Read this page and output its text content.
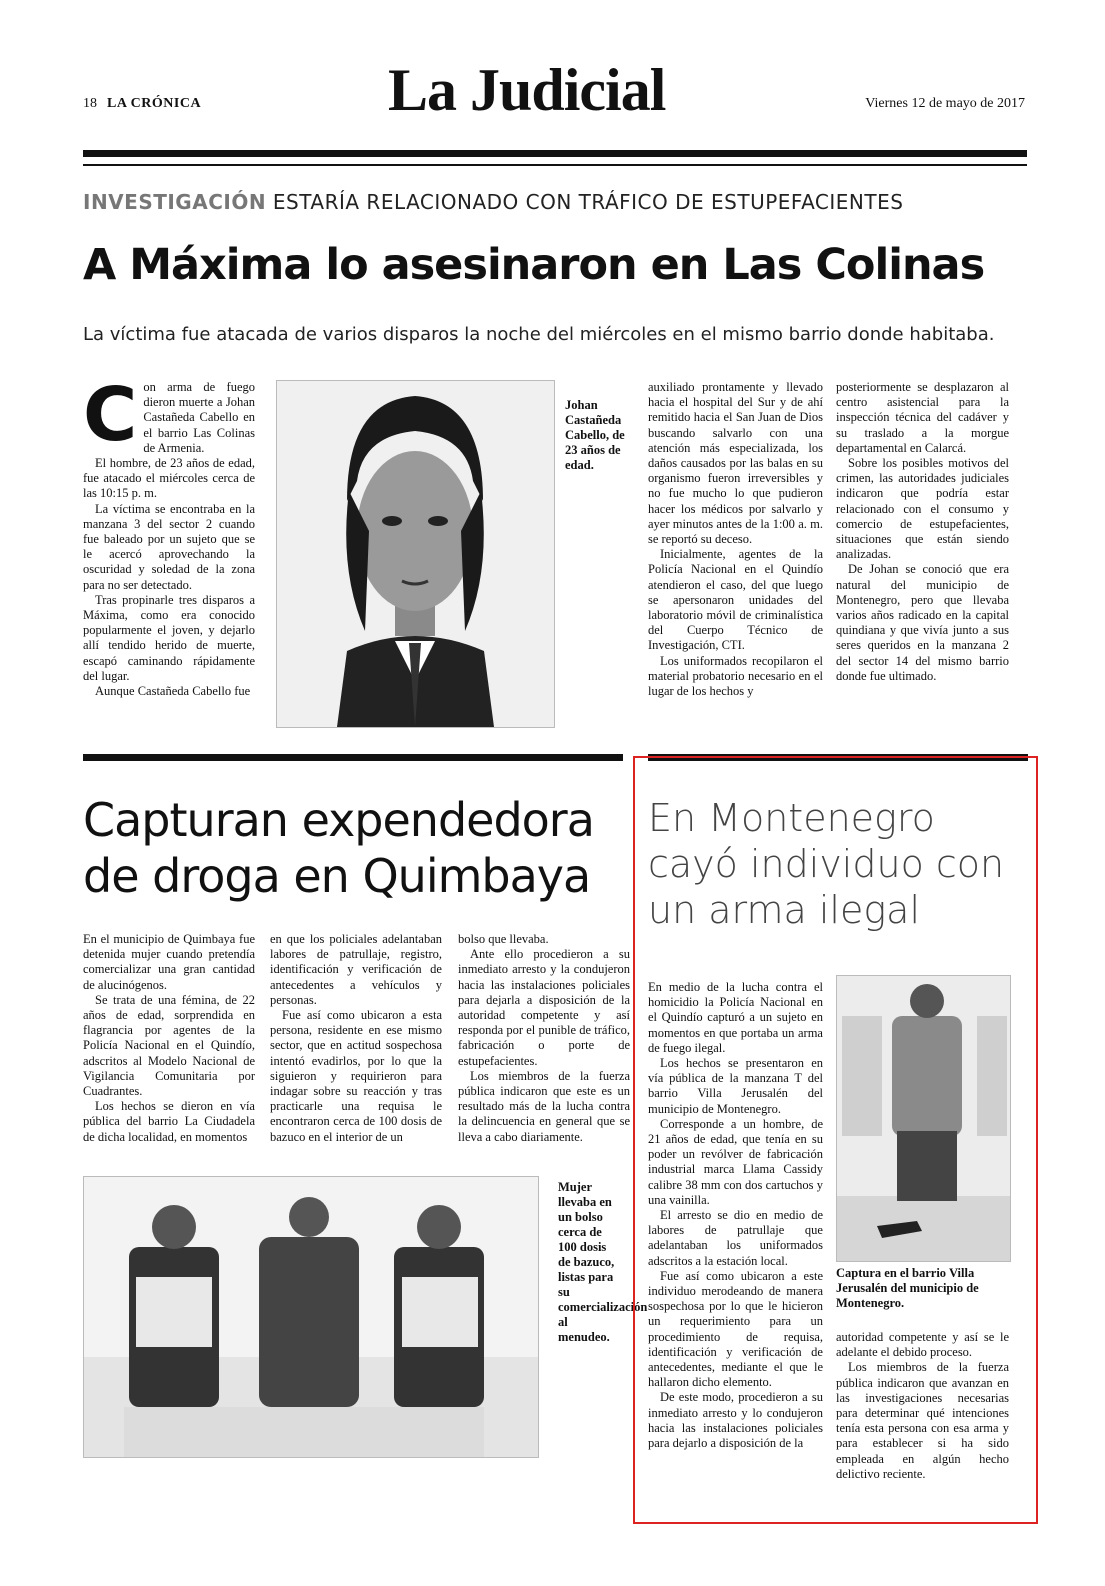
18 LA CRÓNICA	La Judicial	Viernes 12 de mayo de 2017
INVESTIGACIÓN ESTARÍA RELACIONADO CON TRÁFICO DE ESTUPEFACIENTES
A Máxima lo asesinaron en Las Colinas
La víctima fue atacada de varios disparos la noche del miércoles en el mismo barrio donde habitaba.

Con arma de fuego dieron muerte a Johan Castañeda Cabello en el barrio Las Colinas de Armenia.

El hombre, de 23 años de edad, fue atacado el miércoles cerca de las 10:15 p. m.

La víctima se encontraba en la manzana 3 del sector 2 cuando fue baleado por un sujeto que se le acercó aprovechando la oscuridad y soledad de la zona para no ser detectado.

Tras propinarle tres disparos a Máxima, como era conocido popularmente el joven, y dejarlo allí tendido herido de muerte, escapó caminando rápidamente del lugar.

Aunque Castañeda Cabello fue

Johan Castañeda Cabello, de 23 años de edad.

auxiliado prontamente y llevado hacia el hospital del Sur y de ahí remitido hacia el San Juan de Dios buscando salvarlo con una atención más especializada, los daños causados por las balas en su organismo fueron irreversibles y no fue mucho lo que pudieron hacer los médicos por salvarlo y ayer minutos antes de la 1:00 a. m. se reportó su deceso.

Inicialmente, agentes de la Policía Nacional en el Quindío atendieron el caso, del que luego se apersonaron unidades del laboratorio móvil de criminalística del Cuerpo Técnico de Investigación, CTI.

Los uniformados recopilaron el material probatorio necesario en el lugar de los hechos y

posteriormente se desplazaron al centro asistencial para la inspección técnica del cadáver y su traslado a la morgue departamental en Calarcá.

Sobre los posibles motivos del crimen, las autoridades judiciales indicaron que podría estar relacionado con el consumo y comercio de estupefacientes, situaciones que están siendo analizadas.

De Johan se conoció que era natural del municipio de Montenegro, pero que llevaba varios años radicado en la capital quindiana y que vivía junto a sus seres queridos en la manzana 2 del sector 14 del mismo barrio donde fue ultimado.

Capturan expendedora de droga en Quimbaya

En el municipio de Quimbaya fue detenida mujer cuando pretendía comercializar una gran cantidad de alucinógenos.

Se trata de una fémina, de 22 años de edad, sorprendida en flagrancia por agentes de la Policía Nacional en el Quindío, adscritos al Modelo Nacional de Vigilancia Comunitaria por Cuadrantes.

Los hechos se dieron en vía pública del barrio La Ciudadela de dicha localidad, en momentos

en que los policiales adelantaban labores de patrullaje, registro, identificación y verificación de antecedentes a vehículos y personas.

Fue así como ubicaron a esta persona, residente en ese mismo sector, que en actitud sospechosa intentó evadirlos, por lo que la siguieron y requirieron para indagar sobre su reacción y tras practicarle una requisa le encontraron cerca de 100 dosis de bazuco en el interior de un

bolso que llevaba.

Ante ello procedieron a su inmediato arresto y la condujeron hacia las instalaciones policiales para dejarla a disposición de la autoridad competente y así responda por el punible de tráfico, fabricación o porte de estupefacientes.

Los miembros de la fuerza pública indicaron que este es un resultado más de la lucha contra la delincuencia en general que se lleva a cabo diariamente.

Mujer llevaba en un bolso cerca de 100 dosis de bazuco, listas para su comercialización al menudeo.
En Montenegro cayó individuo con un arma ilegal

En medio de la lucha contra el homicidio la Policía Nacional en el Quindío capturó a un sujeto en momentos en que portaba un arma de fuego ilegal.

Los hechos se presentaron en vía pública de la manzana T del barrio Villa Jerusalén del municipio de Montenegro.

Corresponde a un hombre, de 21 años de edad, que tenía en su poder un revólver de fabricación industrial marca Llama Cassidy calibre 38 mm con dos cartuchos y una vainilla.

El arresto se dio en medio de labores de patrullaje que adelantaban los uniformados adscritos a la estación local.

Fue así como ubicaron a este individuo merodeando de manera sospechosa por lo que le hicieron un requerimiento para un procedimiento de requisa, identificación y verificación de antecedentes, mediante el que le hallaron dicho elemento.

De este modo, procedieron a su inmediato arresto y lo condujeron hacia las instalaciones policiales para dejarlo a disposición de la

Captura en el barrio Villa Jerusalén del municipio de Montenegro.

autoridad competente y así se le adelante el debido proceso.

Los miembros de la fuerza pública indicaron que avanzan en las investigaciones necesarias para determinar qué intenciones tenía esta persona con esa arma y para establecer si ha sido empleada en algún hecho delictivo reciente.
